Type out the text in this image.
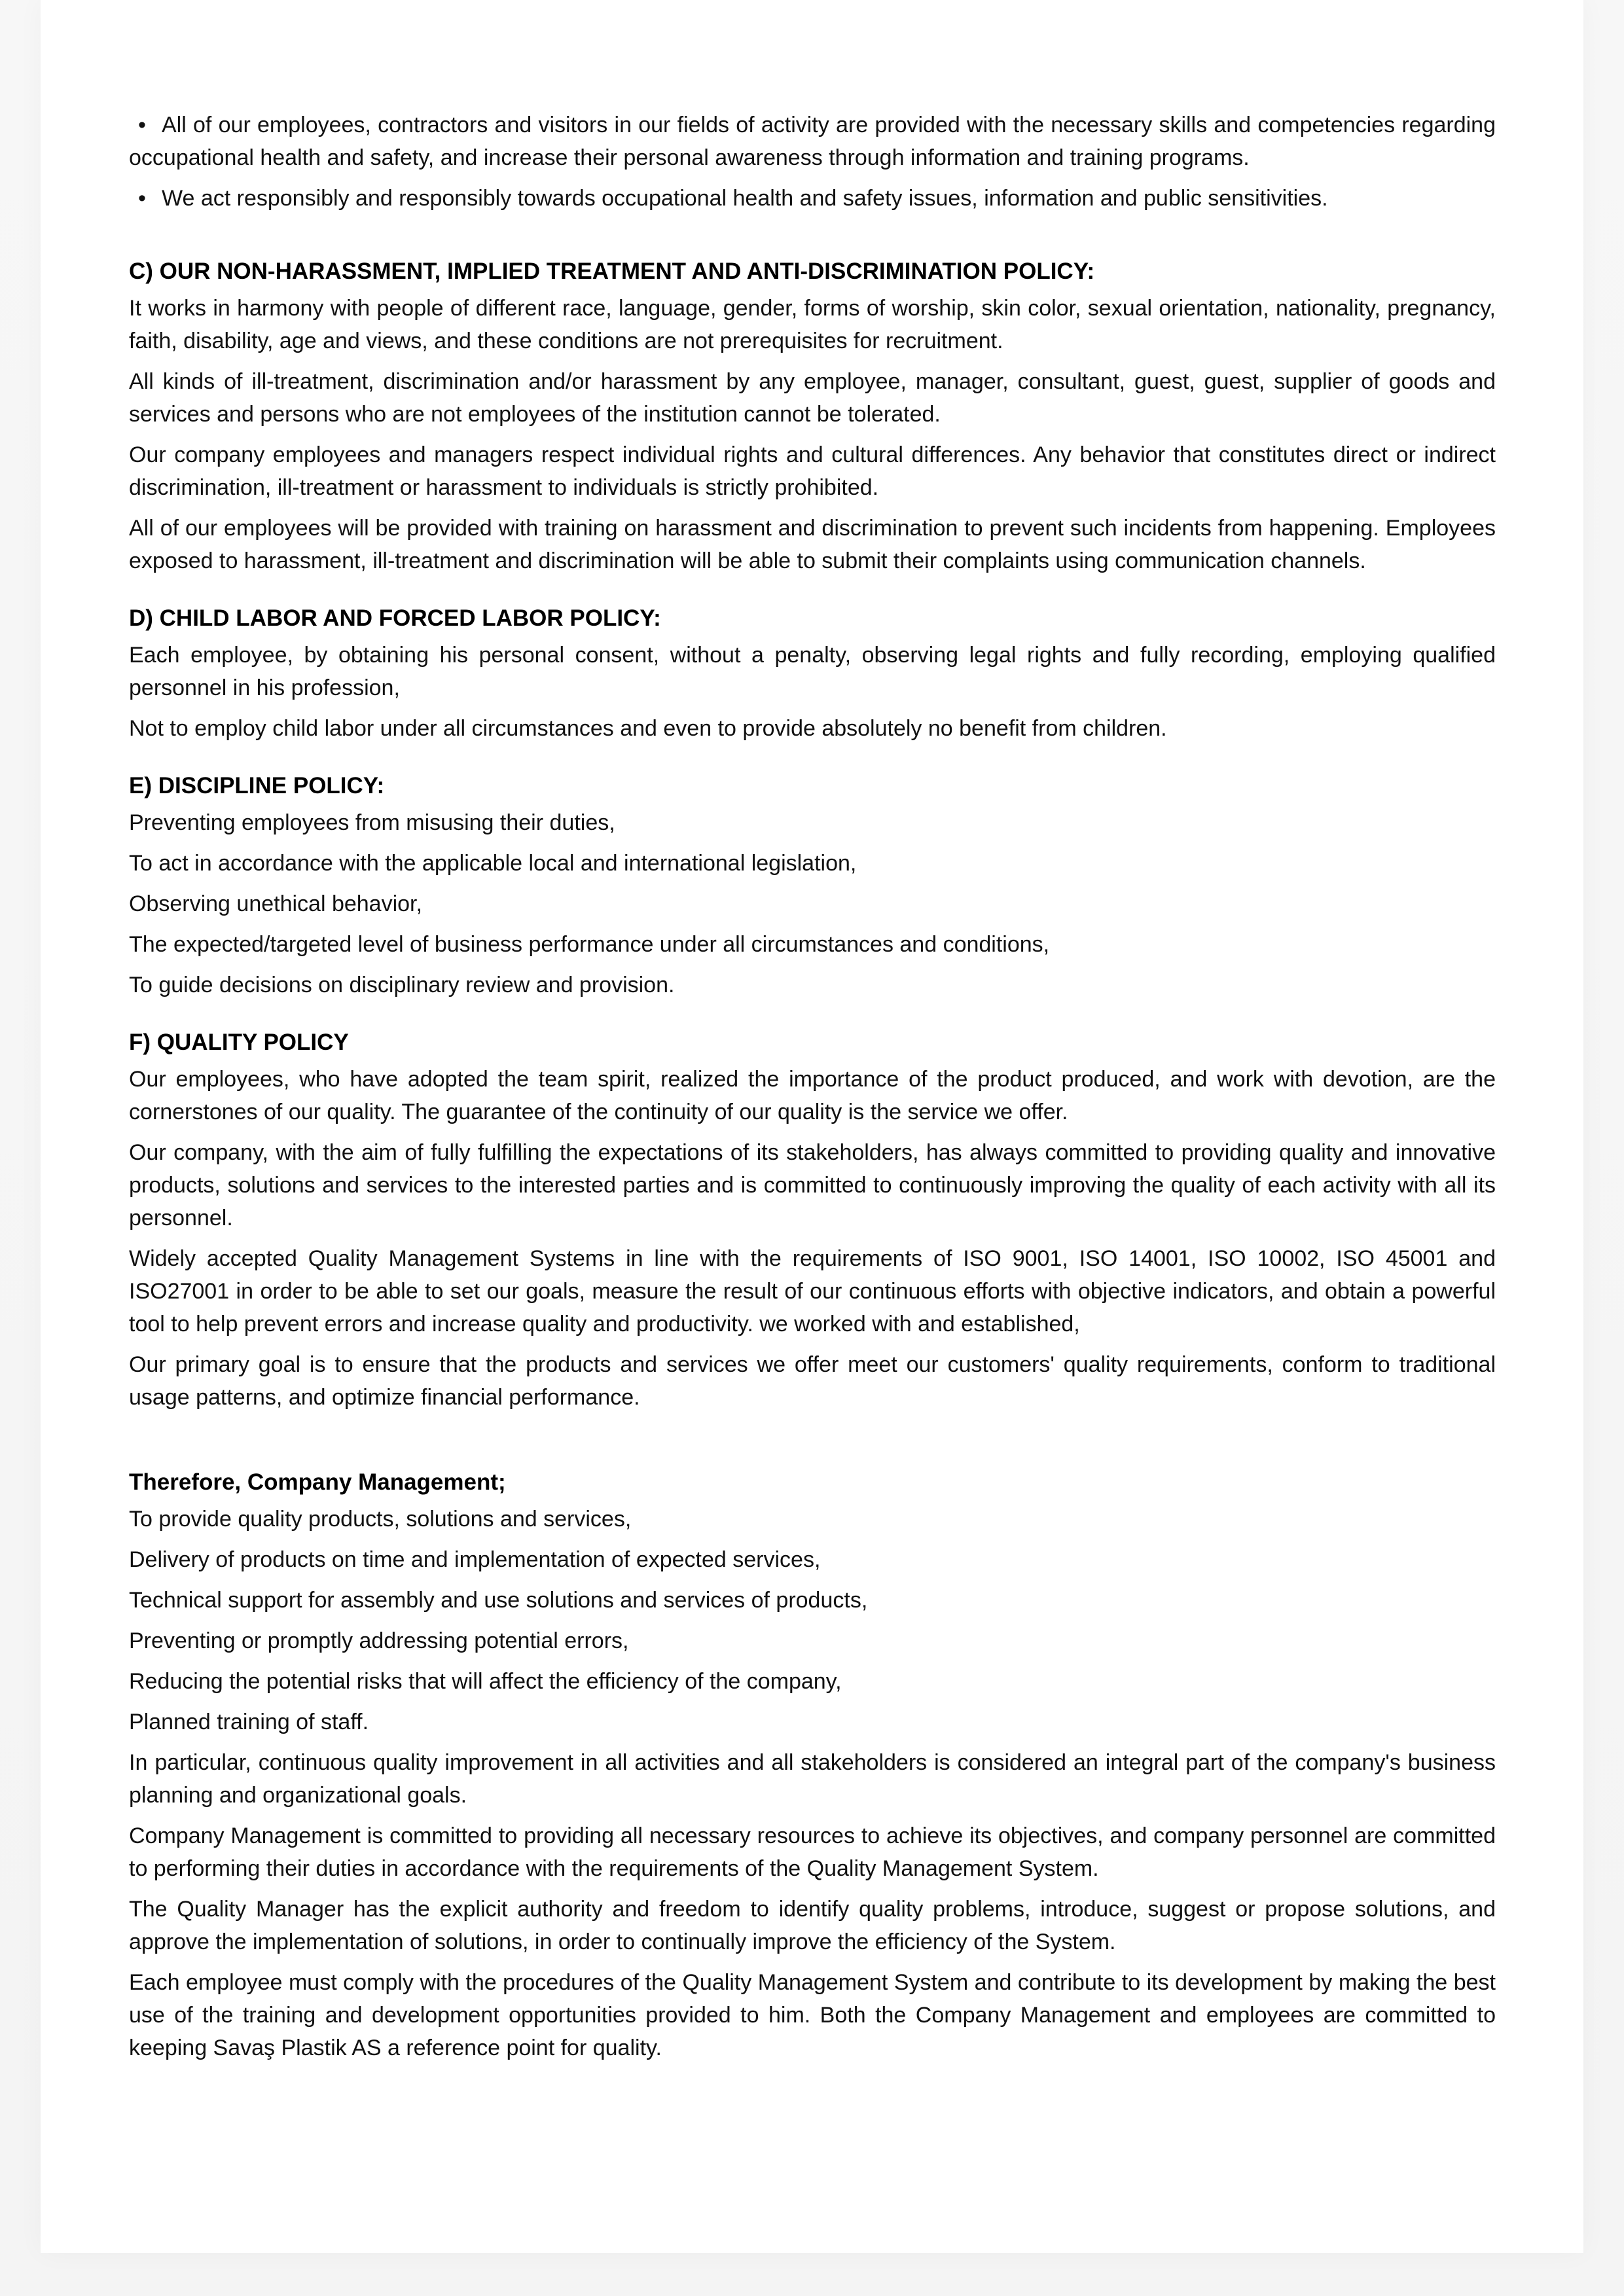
• All of our employees, contractors and visitors in our fields of activity are provided with the necessary skills and competencies regarding occupational health and safety, and increase their personal awareness through information and training programs.

• We act responsibly and responsibly towards occupational health and safety issues, information and public sensitivities.

C) OUR NON-HARASSMENT, IMPLIED TREATMENT AND ANTI-DISCRIMINATION POLICY:

It works in harmony with people of different race, language, gender, forms of worship, skin color, sexual orientation, nationality, pregnancy, faith, disability, age and views, and these conditions are not prerequisites for recruitment.

All kinds of ill-treatment, discrimination and/or harassment by any employee, manager, consultant, guest, guest, supplier of goods and services and persons who are not employees of the institution cannot be tolerated.

Our company employees and managers respect individual rights and cultural differences. Any behavior that constitutes direct or indirect discrimination, ill-treatment or harassment to individuals is strictly prohibited.

All of our employees will be provided with training on harassment and discrimination to prevent such incidents from happening. Employees exposed to harassment, ill-treatment and discrimination will be able to submit their complaints using communication channels.

D) CHILD LABOR AND FORCED LABOR POLICY:

Each employee, by obtaining his personal consent, without a penalty, observing legal rights and fully recording, employing qualified personnel in his profession,

Not to employ child labor under all circumstances and even to provide absolutely no benefit from children.

E) DISCIPLINE POLICY:

Preventing employees from misusing their duties,

To act in accordance with the applicable local and international legislation,

Observing unethical behavior,

The expected/targeted level of business performance under all circumstances and conditions,

To guide decisions on disciplinary review and provision.

F) QUALITY POLICY

Our employees, who have adopted the team spirit, realized the importance of the product produced, and work with devotion, are the cornerstones of our quality. The guarantee of the continuity of our quality is the service we offer.

Our company, with the aim of fully fulfilling the expectations of its stakeholders, has always committed to providing quality and innovative products, solutions and services to the interested parties and is committed to continuously improving the quality of each activity with all its personnel.

Widely accepted Quality Management Systems in line with the requirements of ISO 9001, ISO 14001, ISO 10002, ISO 45001 and ISO27001 in order to be able to set our goals, measure the result of our continuous efforts with objective indicators, and obtain a powerful tool to help prevent errors and increase quality and productivity. we worked with and established,

Our primary goal is to ensure that the products and services we offer meet our customers' quality requirements, conform to traditional usage patterns, and optimize financial performance.

Therefore, Company Management;

To provide quality products, solutions and services,

Delivery of products on time and implementation of expected services,

Technical support for assembly and use solutions and services of products,

Preventing or promptly addressing potential errors,

Reducing the potential risks that will affect the efficiency of the company,

Planned training of staff.

In particular, continuous quality improvement in all activities and all stakeholders is considered an integral part of the company's business planning and organizational goals.

Company Management is committed to providing all necessary resources to achieve its objectives, and company personnel are committed to performing their duties in accordance with the requirements of the Quality Management System.

The Quality Manager has the explicit authority and freedom to identify quality problems, introduce, suggest or propose solutions, and approve the implementation of solutions, in order to continually improve the efficiency of the System.

Each employee must comply with the procedures of the Quality Management System and contribute to its development by making the best use of the training and development opportunities provided to him. Both the Company Management and employees are committed to keeping Savaş Plastik AS a reference point for quality.
